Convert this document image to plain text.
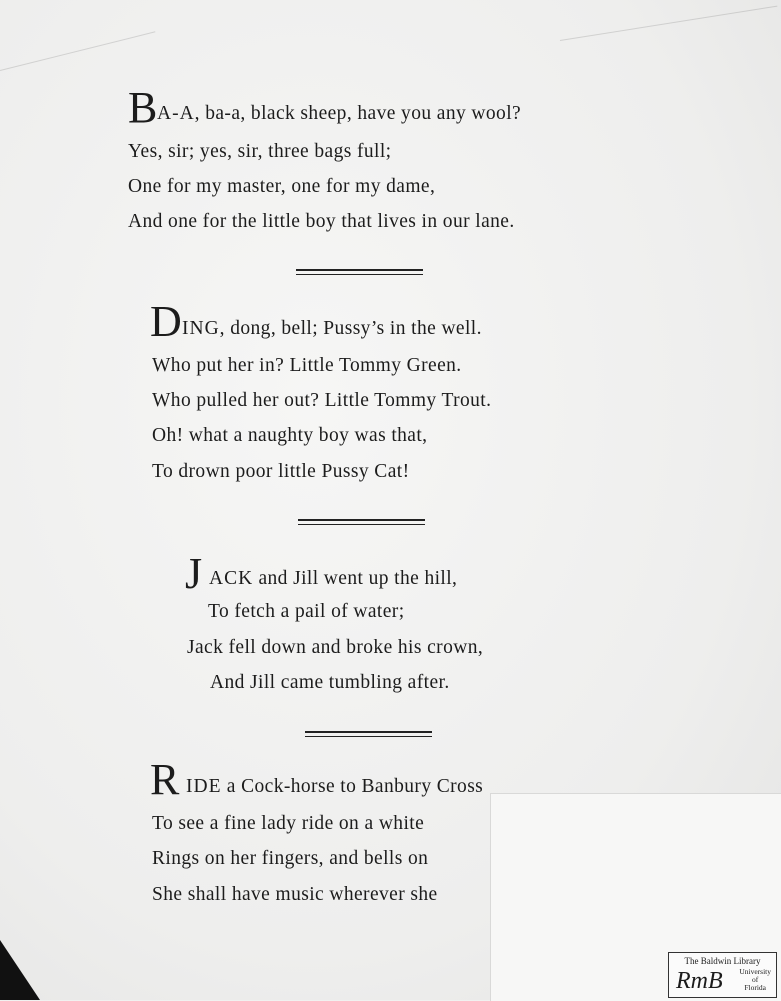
B A-A, ba-a, black sheep, have you any wool?
Yes, sir; yes, sir, three bags full;
One for my master, one for my dame,
And one for the little boy that lives in our lane.
D ING, dong, bell; Pussy’s in the well.
Who put her in? Little Tommy Green.
Who pulled her out? Little Tommy Trout.
Oh! what a naughty boy was that,
To drown poor little Pussy Cat!
J ACK and Jill went up the hill,
To fetch a pail of water;
Jack fell down and broke his crown,
And Jill came tumbling after.
R IDE a Cock-horse to Banbury Cross
To see a fine lady ride on a white
Rings on her fingers, and bells on
She shall have music wherever she
The Baldwin Library
RmB University
of
Florida
